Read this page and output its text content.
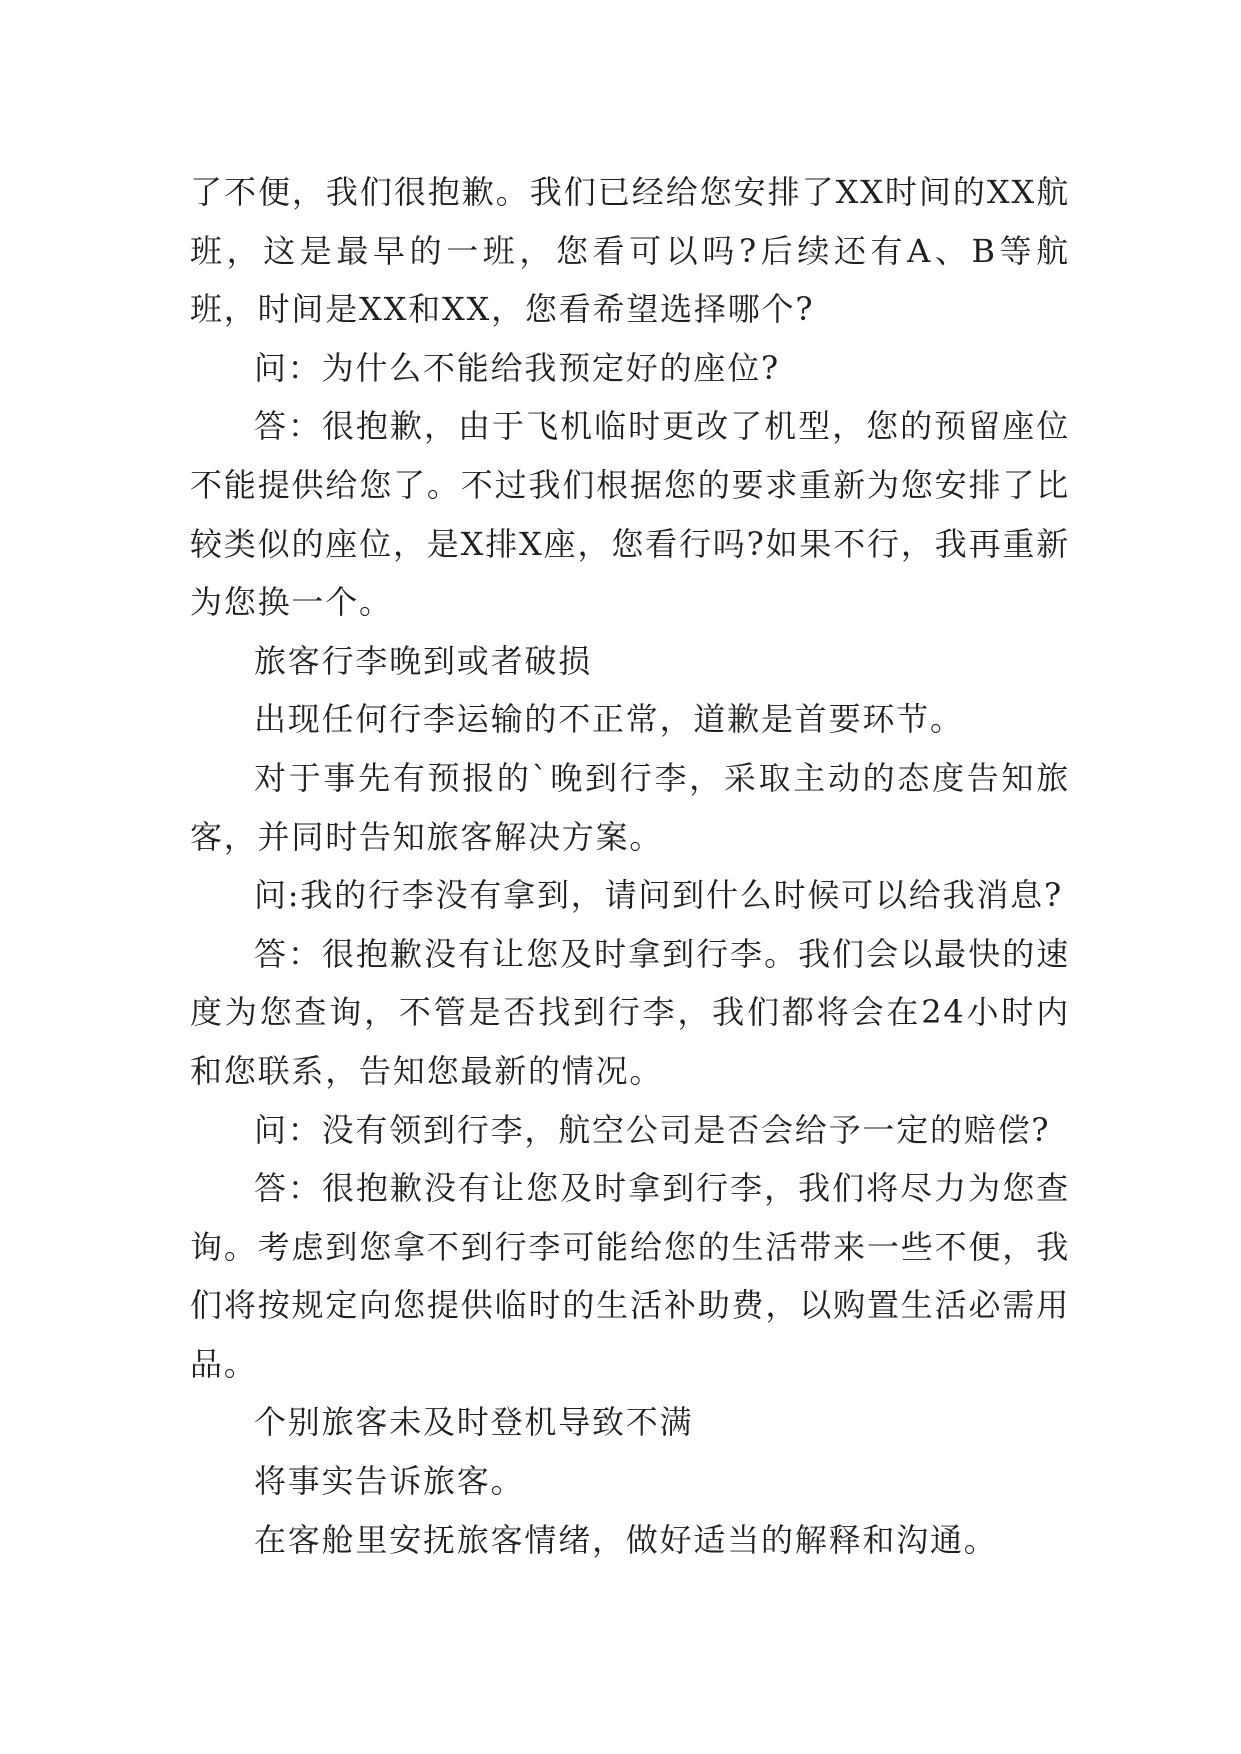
了不便，我们很抱歉。我们已经给您安排了XX时间的XX航班，这是最早的一班，您看可以吗?后续还有A、B等航班，时间是XX和XX，您看希望选择哪个?

问：为什么不能给我预定好的座位?

答：很抱歉，由于飞机临时更改了机型，您的预留座位不能提供给您了。不过我们根据您的要求重新为您安排了比较类似的座位，是X排X座，您看行吗?如果不行，我再重新为您换一个。

旅客行李晚到或者破损

出现任何行李运输的不正常，道歉是首要环节。

对于事先有预报的`晚到行李，采取主动的态度告知旅客，并同时告知旅客解决方案。

问:我的行李没有拿到，请问到什么时候可以给我消息?

答：很抱歉没有让您及时拿到行李。我们会以最快的速度为您查询，不管是否找到行李，我们都将会在24小时内和您联系，告知您最新的情况。

问：没有领到行李，航空公司是否会给予一定的赔偿?

答：很抱歉没有让您及时拿到行李，我们将尽力为您查询。考虑到您拿不到行李可能给您的生活带来一些不便，我们将按规定向您提供临时的生活补助费，以购置生活必需用品。

个别旅客未及时登机导致不满

将事实告诉旅客。

在客舱里安抚旅客情绪，做好适当的解释和沟通。
